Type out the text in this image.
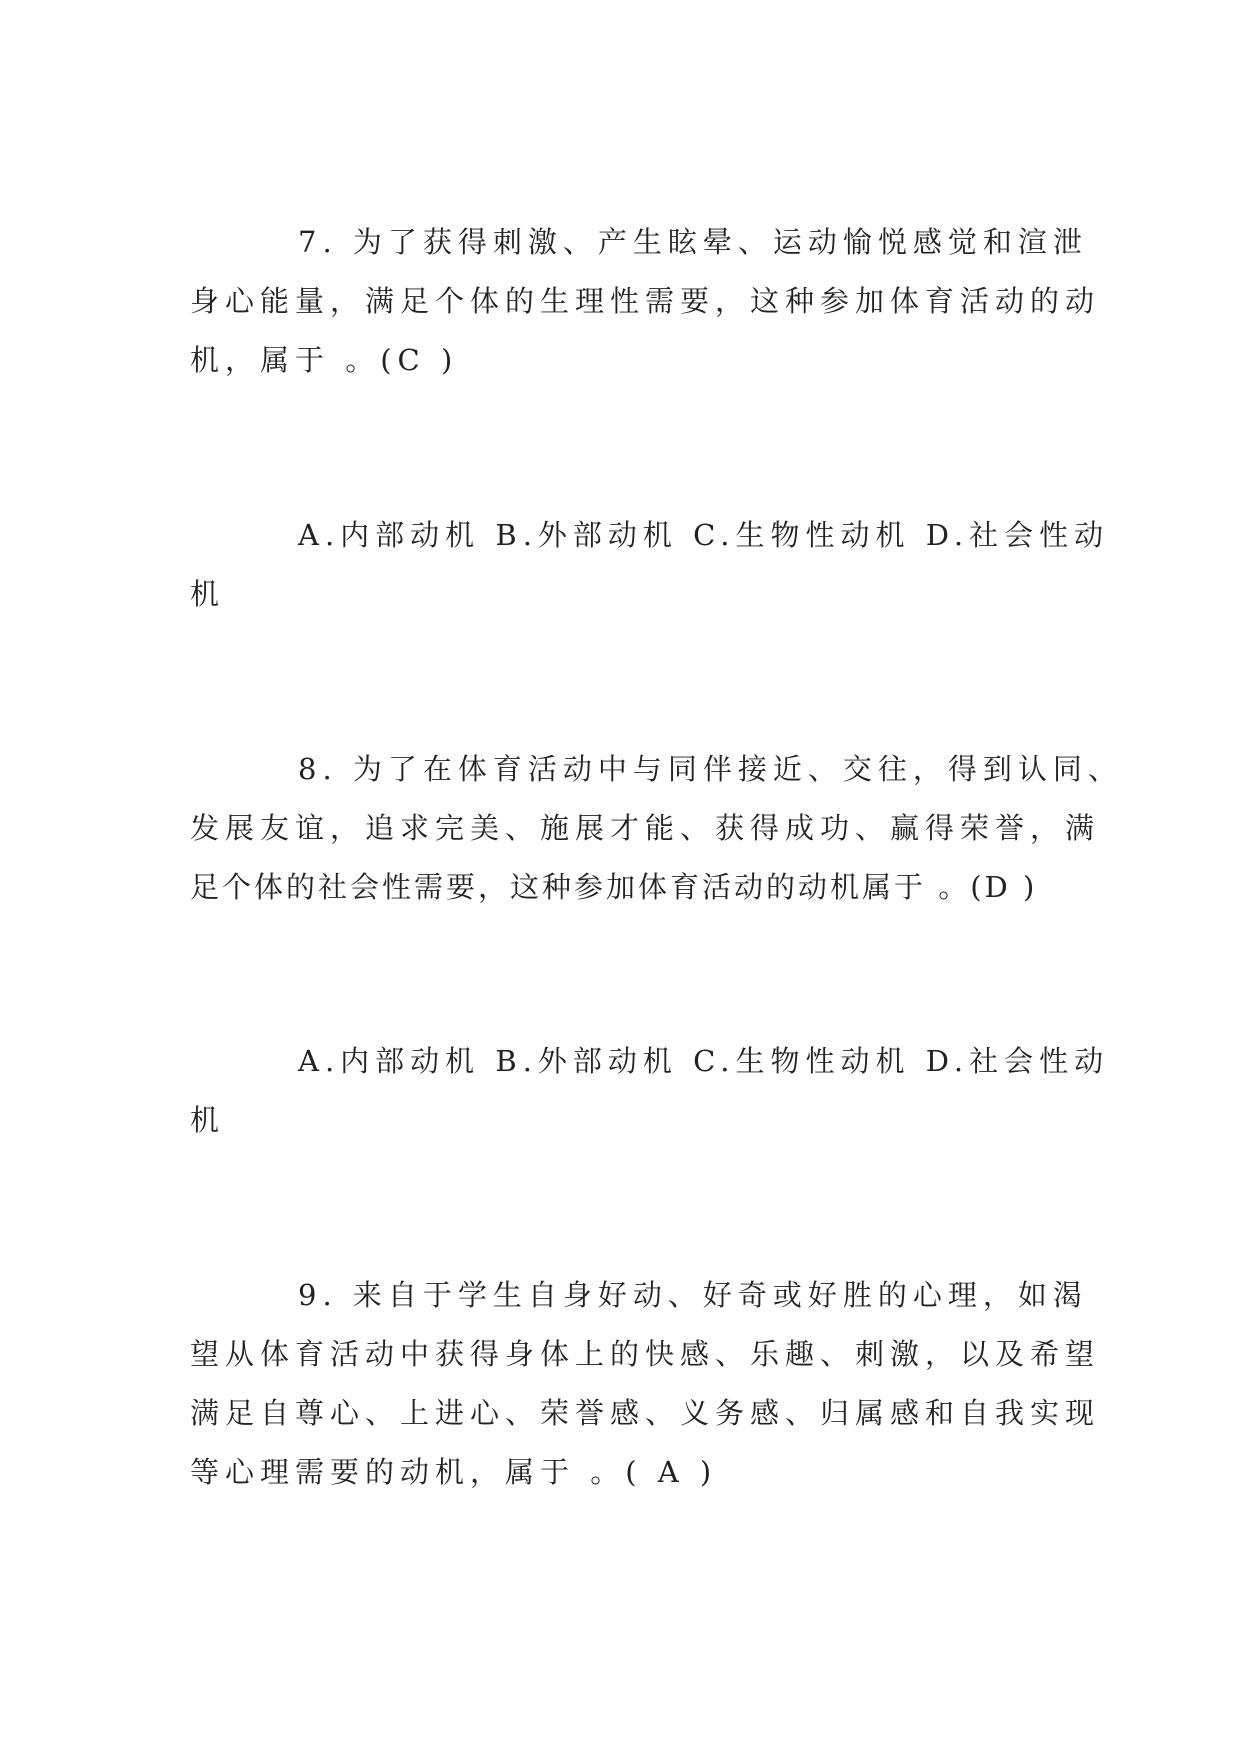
7. 为了获得刺激、产生眩晕、运动愉悦感觉和渲泄
身心能量，满足个体的生理性需要，这种参加体育活动的动
机，属于 。(C )
A.内部动机 B.外部动机 C.生物性动机 D.社会性动
机
8. 为了在体育活动中与同伴接近、交往，得到认同、
发展友谊，追求完美、施展才能、获得成功、赢得荣誉，满
足个体的社会性需要，这种参加体育活动的动机属于 。(D )
A.内部动机 B.外部动机 C.生物性动机 D.社会性动
机
9. 来自于学生自身好动、好奇或好胜的心理，如渴
望从体育活动中获得身体上的快感、乐趣、刺激，以及希望
满足自尊心、上进心、荣誉感、义务感、归属感和自我实现
等心理需要的动机，属于 。( A )
